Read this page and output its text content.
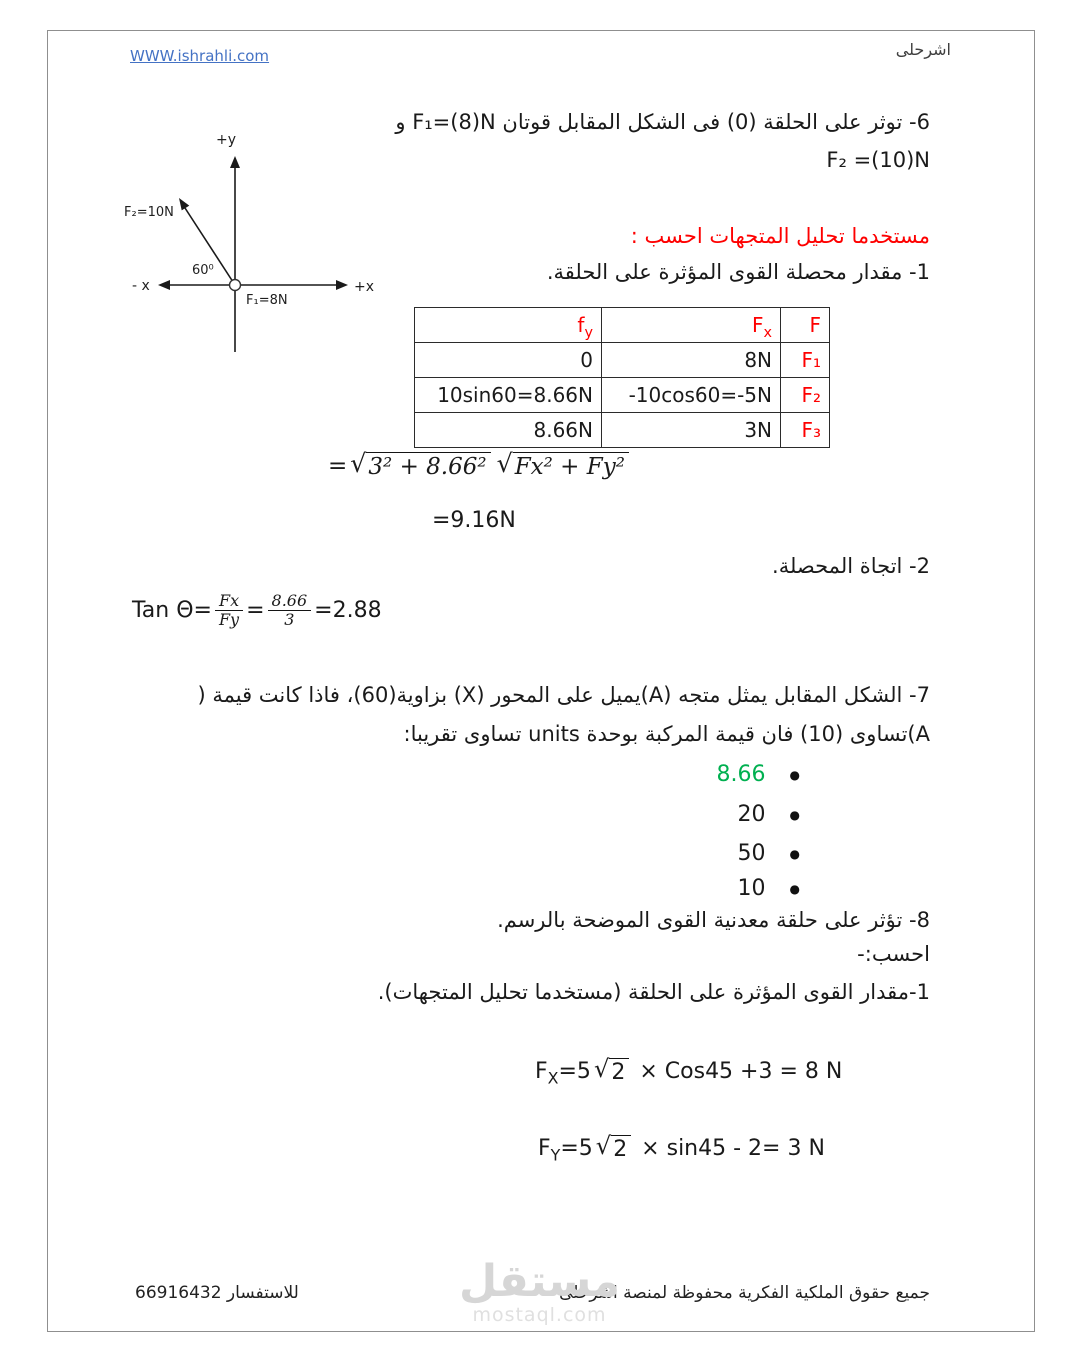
WWW.ishrahli.com	اشرحلى
6- توثر على الحلقة (0) فى الشكل المقابل قوتان F₁=(8)N و
F₂ =(10)N
+y
F₂=10N
60⁰
- x	+x
F₁=8N
مستخدما تحليل المتجهات احسب :
1- مقدار محصلة القوى المؤثرة على الحلقة.
$f_y$	$F_x$	F
0	8N	F₁
10sin60=8.66N	-10cos60=-5N	F₂
8.66N	3N	F₃
= √ 3² + 8.66² √ Fx² + Fy²
=9.16N
2- اتجاة المحصلة.
Tan $\Theta= \frac{Fx}{Fy} = \frac{8.66}{3} =2.88$
7- الشكل المقابل يمثل متجه (A)يميل على المحور (X) بزاوية(60)، فاذا كانت قيمة (
A)تساوى (10) فان قيمة المركبة بوحدة units تساوى تقريبا:
●
8.66
●
20
●
50
●
10
8- تؤثر على حلقة معدنية القوى الموضحة بالرسم.
احسب:-
1-مقدار القوى المؤثرة على الحلقة (مستخدما تحليل المتجهات).
$F_X=5$ √ 2 × Cos45 +3 = 8 N
$F_Y=5$ √ 2 × sin45 - 2= 3 N
جميع حقوق الملكية الفكرية محفوظة لمنصة اشرحلى
للاستفسار 66916432	مستقل
mostaql.com
